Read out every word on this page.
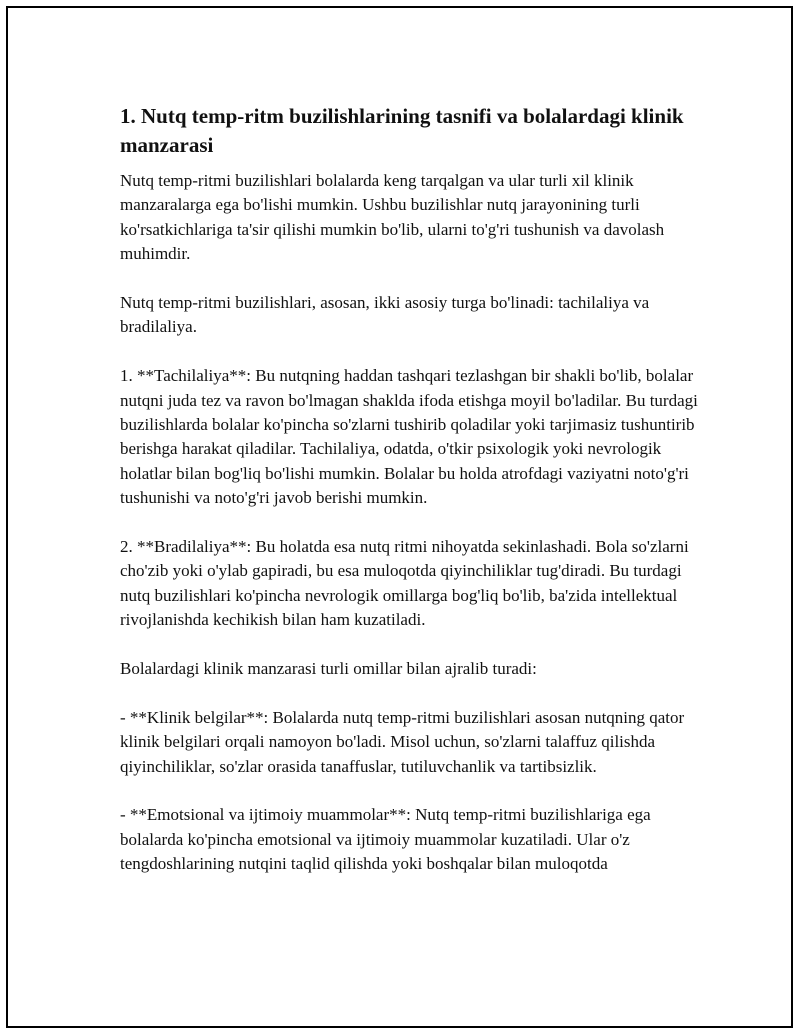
1. Nutq temp-ritm buzilishlarining tasnifi va bolalardagi klinik manzarasi

Nutq temp-ritmi buzilishlari bolalarda keng tarqalgan va ular turli xil klinik manzaralarga ega bo'lishi mumkin. Ushbu buzilishlar nutq jarayonining turli ko'rsatkichlariga ta'sir qilishi mumkin bo'lib, ularni to'g'ri tushunish va davolash muhimdir.

Nutq temp-ritmi buzilishlari, asosan, ikki asosiy turga bo'linadi: tachilaliya va bradilaliya.

1. **Tachilaliya**: Bu nutqning haddan tashqari tezlashgan bir shakli bo'lib, bolalar nutqni juda tez va ravon bo'lmagan shaklda ifoda etishga moyil bo'ladilar. Bu turdagi buzilishlarda bolalar ko'pincha so'zlarni tushirib qoladilar yoki tarjimasiz tushuntirib berishga harakat qiladilar. Tachilaliya, odatda, o'tkir psixologik yoki nevrologik holatlar bilan bog'liq bo'lishi mumkin. Bolalar bu holda atrofdagi vaziyatni noto'g'ri tushunishi va noto'g'ri javob berishi mumkin.

2. **Bradilaliya**: Bu holatda esa nutq ritmi nihoyatda sekinlashadi. Bola so'zlarni cho'zib yoki o'ylab gapiradi, bu esa muloqotda qiyinchiliklar tug'diradi. Bu turdagi nutq buzilishlari ko'pincha nevrologik omillarga bog'liq bo'lib, ba'zida intellektual rivojlanishda kechikish bilan ham kuzatiladi.

Bolalardagi klinik manzarasi turli omillar bilan ajralib turadi:

- **Klinik belgilar**: Bolalarda nutq temp-ritmi buzilishlari asosan nutqning qator klinik belgilari orqali namoyon bo'ladi. Misol uchun, so'zlarni talaffuz qilishda qiyinchiliklar, so'zlar orasida tanaffuslar, tutiluvchanlik va tartibsizlik.

- **Emotsional va ijtimoiy muammolar**: Nutq temp-ritmi buzilishlariga ega bolalarda ko'pincha emotsional va ijtimoiy muammolar kuzatiladi. Ular o'z tengdoshlarining nutqini taqlid qilishda yoki boshqalar bilan muloqotda
